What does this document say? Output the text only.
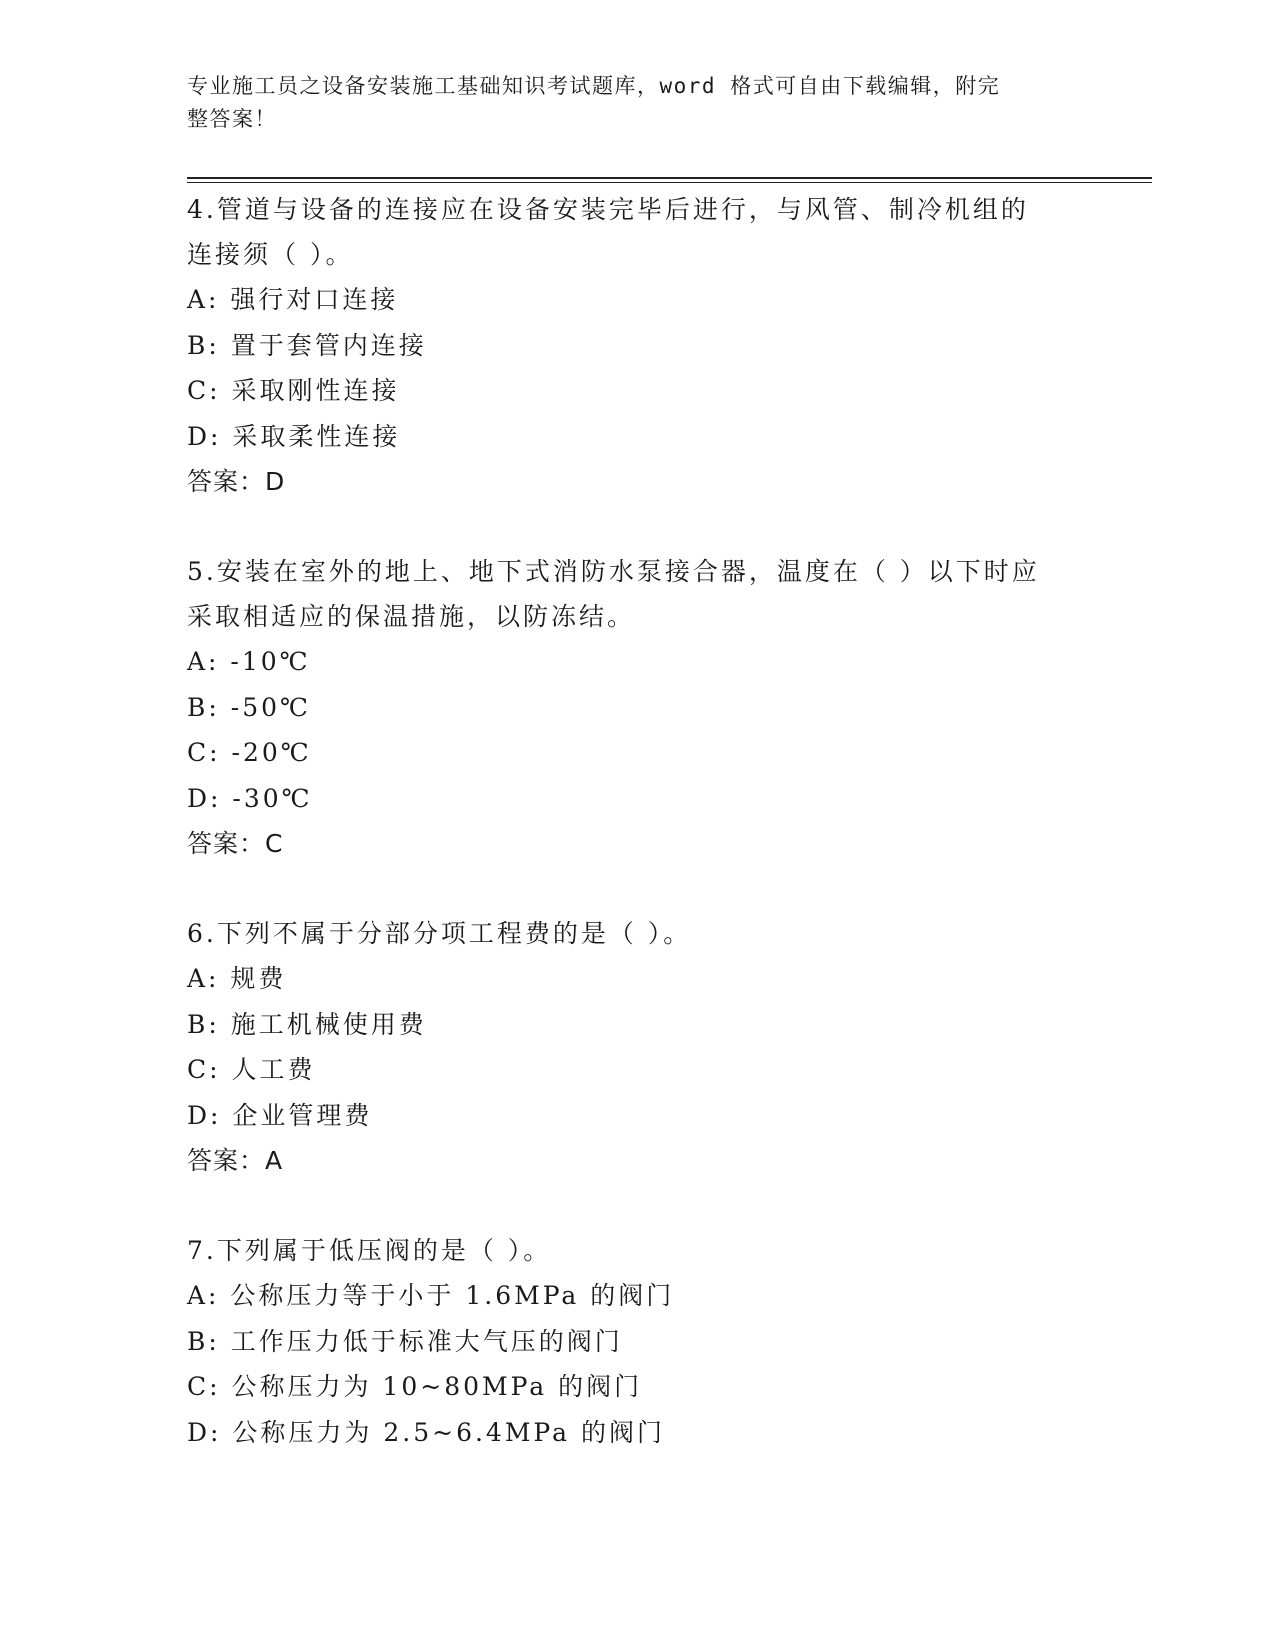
专业施工员之设备安装施工基础知识考试题库，word 格式可自由下载编辑，附完
整答案！

4.管道与设备的连接应在设备安装完毕后进行，与风管、制冷机组的

连接须（ ）。

A: 强行对口连接

B: 置于套管内连接

C: 采取刚性连接

D: 采取柔性连接

答案：D

5.安装在室外的地上、地下式消防水泵接合器，温度在（ ）以下时应

采取相适应的保温措施，以防冻结。

A: -10℃

B: -50℃

C: -20℃

D: -30℃

答案：C

6.下列不属于分部分项工程费的是（ ）。

A: 规费

B: 施工机械使用费

C: 人工费

D: 企业管理费

答案：A

7.下列属于低压阀的是（ ）。

A: 公称压力等于小于 1.6MPa 的阀门

B: 工作压力低于标准大气压的阀门

C: 公称压力为 10~80MPa 的阀门

D: 公称压力为 2.5~6.4MPa 的阀门
